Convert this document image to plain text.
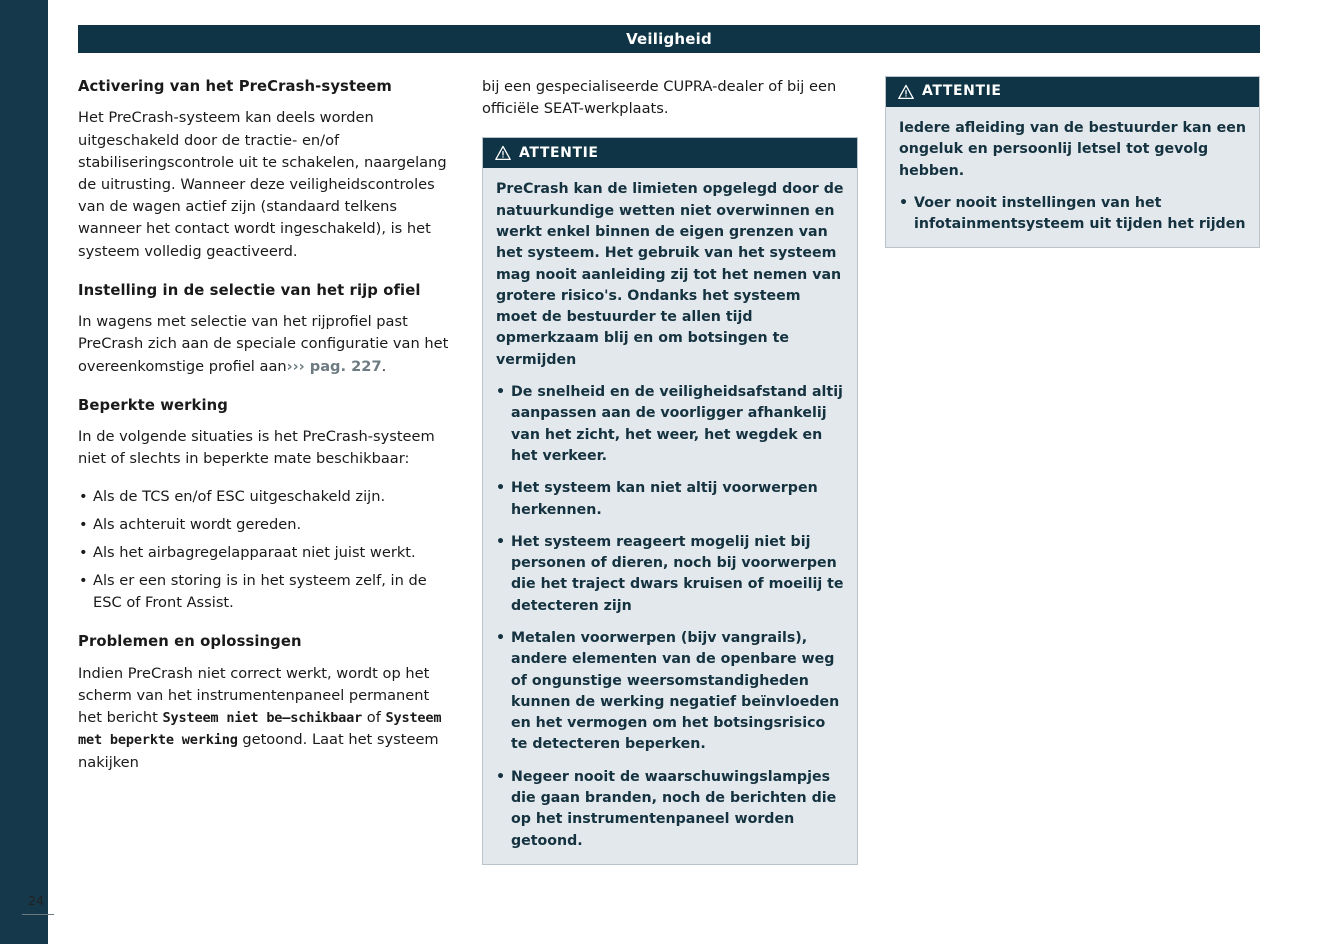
Veiligheid
24
Activering van het PreCrash-systeem

Het PreCrash-systeem kan deels worden uitgeschakeld door de tractie- en/of stabiliseringscontrole uit te schakelen, naargelang de uitrusting. Wanneer deze veiligheidscontroles van de wagen actief zijn (standaard telkens wanneer het contact wordt ingeschakeld), is het systeem volledig geactiveerd.

Instelling in de selectie van het rijp ofiel

In wagens met selectie van het rijprofiel past PreCrash zich aan de speciale configuratie van het overeenkomstige profiel aan››› pag. 227.

Beperkte werking

In de volgende situaties is het PreCrash-systeem niet of slechts in beperkte mate beschikbaar:

• Als de TCS en/of ESC uitgeschakeld zijn.
• Als achteruit wordt gereden.
• Als het airbagregelapparaat niet juist werkt.
• Als er een storing is in het systeem zelf, in de ESC of Front Assist.
Problemen en oplossingen

Indien PreCrash niet correct werkt, wordt op het scherm van het instrumentenpaneel permanent het bericht Systeem niet be–schikbaar of Systeem met beperkte werking getoond. Laat het systeem nakijken

bij een gespecialiseerde CUPRA-dealer of bij een officiële SEAT-werkplaats.

ATTENTIE

PreCrash kan de limieten opgelegd door de natuurkundige wetten niet overwinnen en werkt enkel binnen de eigen grenzen van het systeem. Het gebruik van het systeem mag nooit aanleiding zij tot het nemen van grotere risico's. Ondanks het systeem moet de bestuurder te allen tijd opmerkzaam blij en om botsingen te vermijden

• De snelheid en de veiligheidsafstand altij aanpassen aan de voorligger afhankelij van het zicht, het weer, het wegdek en het verkeer.
• Het systeem kan niet altij voorwerpen herkennen.
• Het systeem reageert mogelij niet bij personen of dieren, noch bij voorwerpen die het traject dwars kruisen of moeilij te detecteren zijn
• Metalen voorwerpen (bijv vangrails), andere elementen van de openbare weg of ongunstige weersomstandigheden kunnen de werking negatief beïnvloeden en het vermogen om het botsingsrisico te detecteren beperken.
• Negeer nooit de waarschuwingslampjes die gaan branden, noch de berichten die op het instrumentenpaneel worden getoond.
ATTENTIE

Iedere afleiding van de bestuurder kan een ongeluk en persoonlij letsel tot gevolg hebben.

• Voer nooit instellingen van het infotainmentsysteem uit tijden het rijden
